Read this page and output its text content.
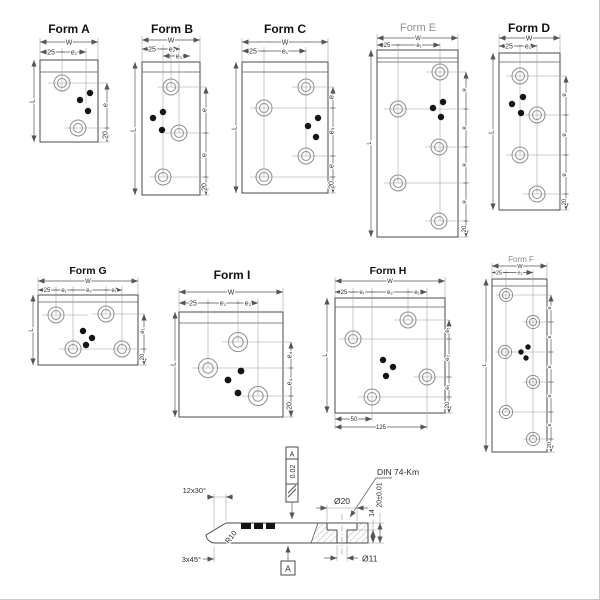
Form A
W
25 e₁
L
e
20
Form B
W
25 e₂
e₁
L
e
e
20
Form C
W
25	e₁
L
e
e₃
e
20
Form E
W
25	e₁
L
e
e
e
e
20
Form D
W
25 e₁
L
e
e
e
20
Form G
W
25 e₁	e₂	e₁
L	e₁
20
Form I
W
25	e₁	e₂
L
e₄
e₄
20
Form H
W
25 e₁	e₂	e₁
L
e₁
e₂
e₁
20
50
125
Form F
W
25	e₁
L
e
e
e
e
e
20
A
0.02
A
12x30°
R10
3x45°
DIN 74-Km
Ø20
14
20±0,01
Ø11
